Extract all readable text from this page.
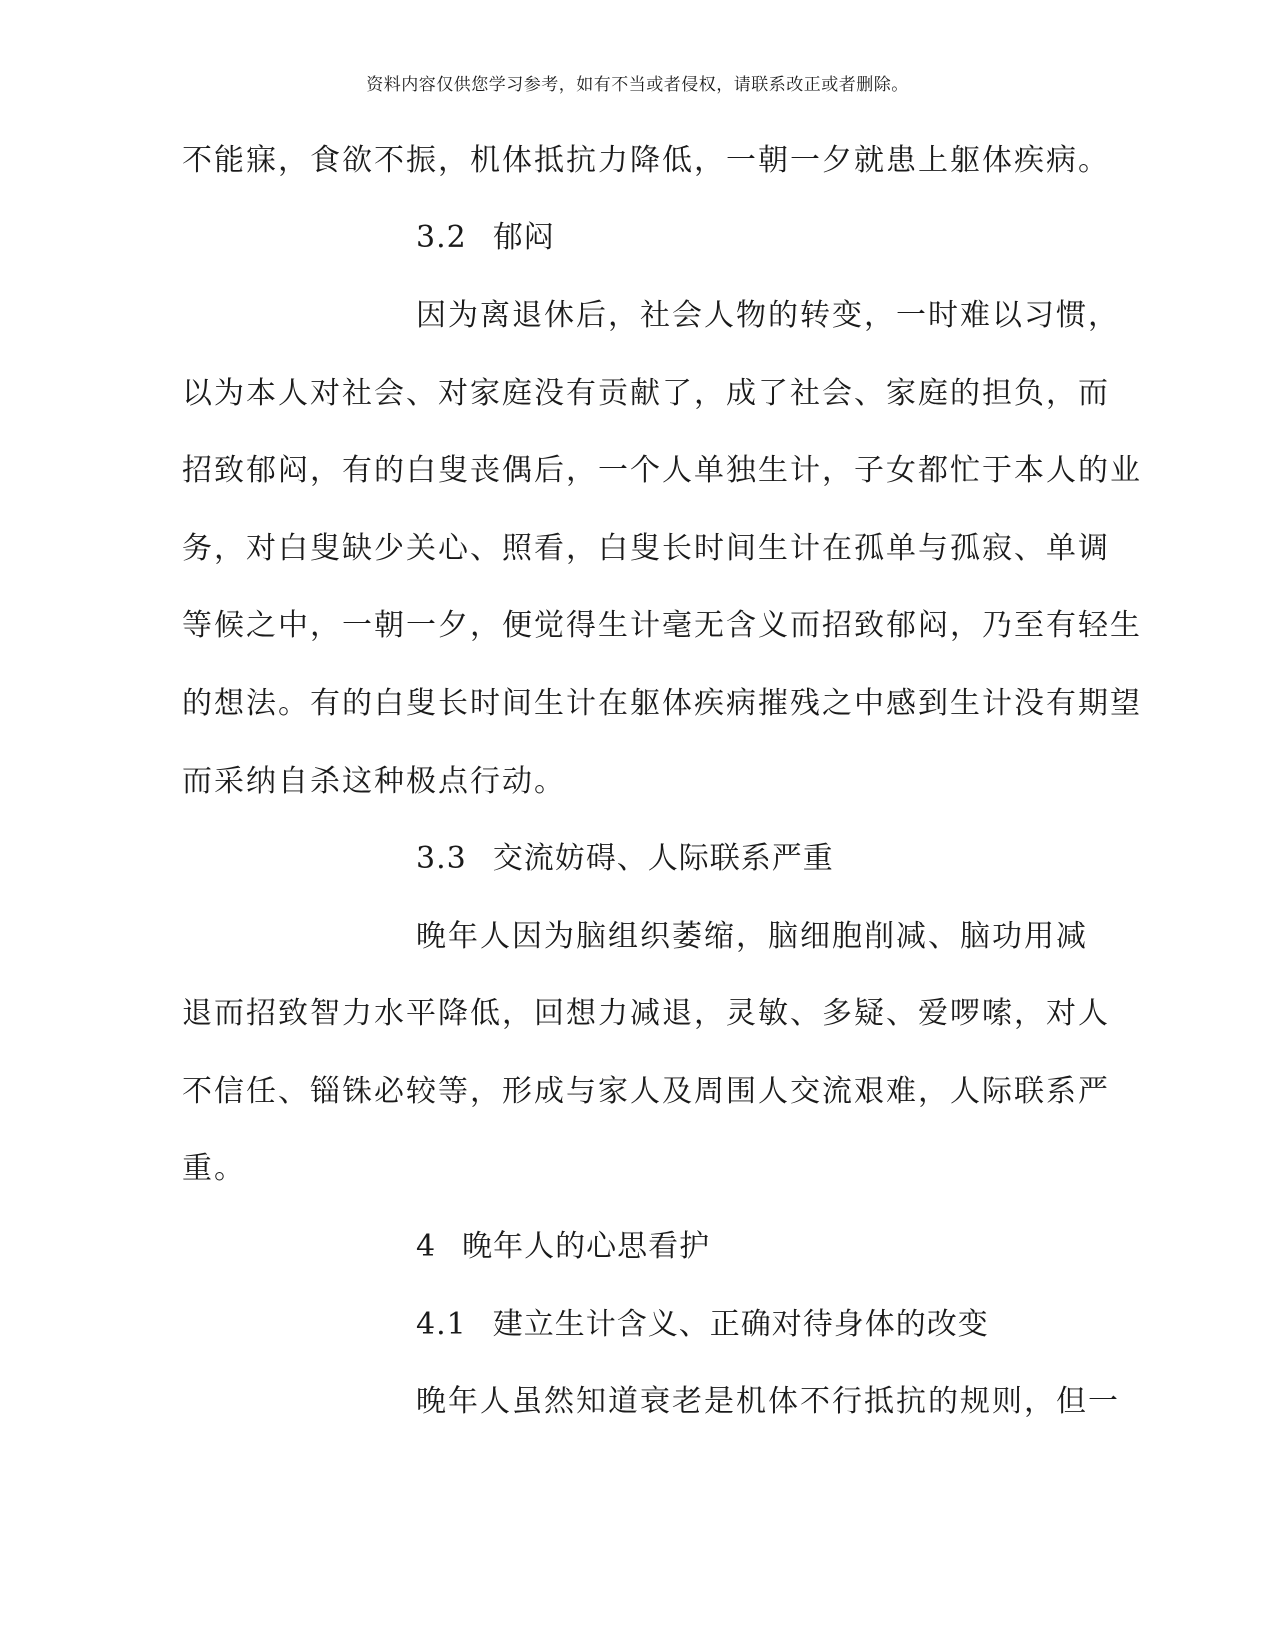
资料内容仅供您学习参考，如有不当或者侵权，请联系改正或者删除。
不能寐，食欲不振，机体抵抗力降低，一朝一夕就患上躯体疾病。
3.2 郁闷
因为离退休后，社会人物的转变，一时难以习惯，
以为本人对社会、对家庭没有贡献了，成了社会、家庭的担负，而
招致郁闷，有的白叟丧偶后，一个人单独生计，子女都忙于本人的业
务，对白叟缺少关心、照看，白叟长时间生计在孤单与孤寂、单调
等候之中，一朝一夕，便觉得生计毫无含义而招致郁闷，乃至有轻生
的想法。有的白叟长时间生计在躯体疾病摧残之中感到生计没有期望
而采纳自杀这种极点行动。
3.3 交流妨碍、人际联系严重
晚年人因为脑组织萎缩，脑细胞削减、脑功用减
退而招致智力水平降低，回想力减退，灵敏、多疑、爱啰嗦，对人
不信任、锱铢必较等，形成与家人及周围人交流艰难，人际联系严
重。
4 晚年人的心思看护
4.1 建立生计含义、正确对待身体的改变
晚年人虽然知道衰老是机体不行抵抗的规则，但一
